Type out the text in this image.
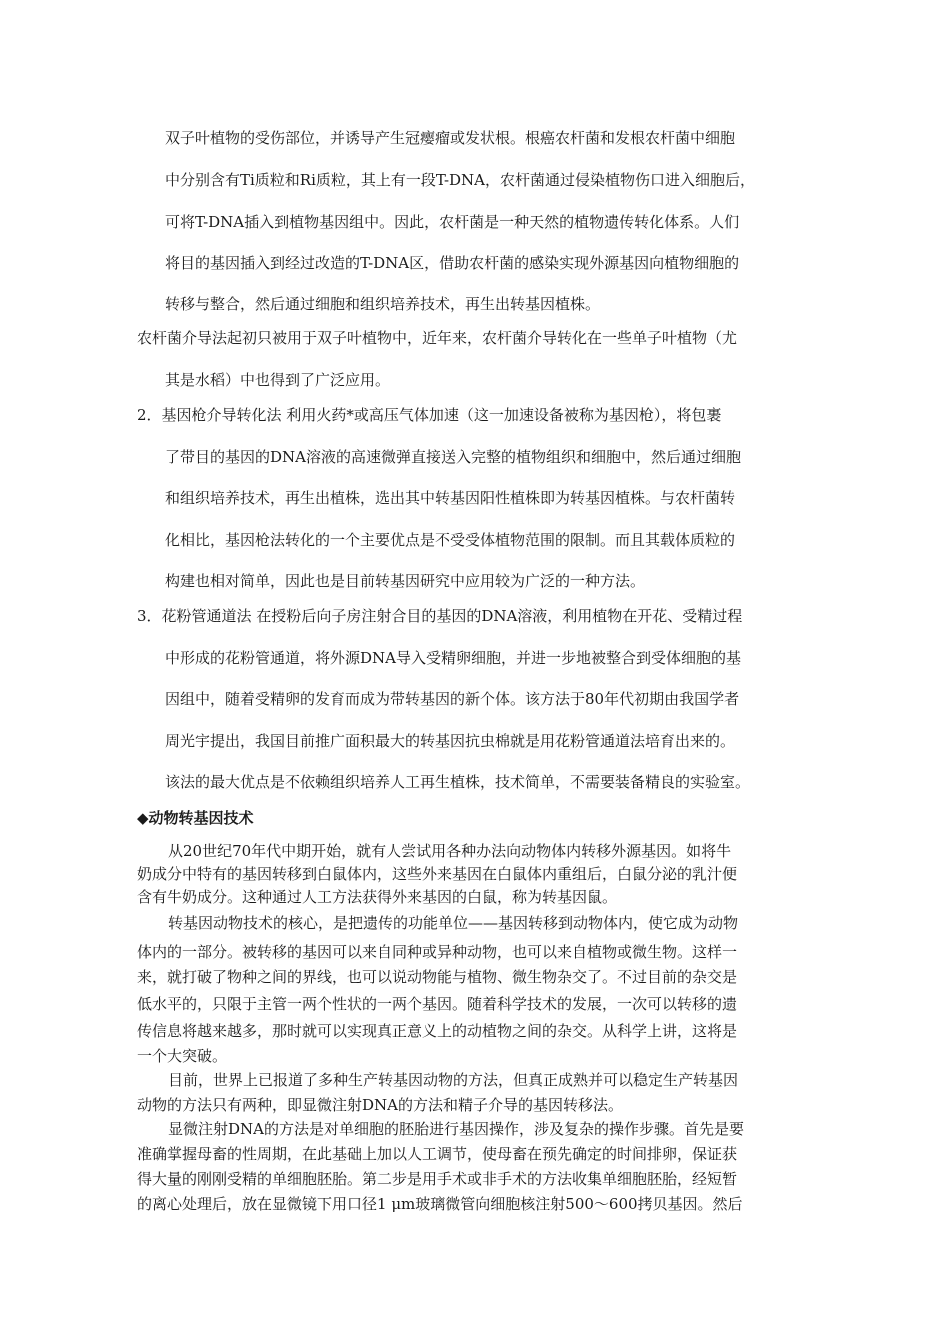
双子叶植物的受伤部位，并诱导产生冠瘿瘤或发状根。根癌农杆菌和发根农杆菌中细胞
中分别含有Ti质粒和Ri质粒，其上有一段T-DNA，农杆菌通过侵染植物伤口进入细胞后，
可将T-DNA插入到植物基因组中。因此，农杆菌是一种天然的植物遗传转化体系。人们
将目的基因插入到经过改造的T-DNA区，借助农杆菌的感染实现外源基因向植物细胞的
转移与整合，然后通过细胞和组织培养技术，再生出转基因植株。
农杆菌介导法起初只被用于双子叶植物中，近年来，农杆菌介导转化在一些单子叶植物（尤
其是水稻）中也得到了广泛应用。
2．基因枪介导转化法 利用火药*或高压气体加速（这一加速设备被称为基因枪），将包裹
了带目的基因的DNA溶液的高速微弹直接送入完整的植物组织和细胞中，然后通过细胞
和组织培养技术，再生出植株，选出其中转基因阳性植株即为转基因植株。与农杆菌转
化相比，基因枪法转化的一个主要优点是不受受体植物范围的限制。而且其载体质粒的
构建也相对简单，因此也是目前转基因研究中应用较为广泛的一种方法。
3．花粉管通道法 在授粉后向子房注射合目的基因的DNA溶液，利用植物在开花、受精过程
中形成的花粉管通道，将外源DNA导入受精卵细胞，并进一步地被整合到受体细胞的基
因组中，随着受精卵的发育而成为带转基因的新个体。该方法于80年代初期由我国学者
周光宇提出，我国目前推广面积最大的转基因抗虫棉就是用花粉管通道法培育出来的。
该法的最大优点是不依赖组织培养人工再生植株，技术简单，不需要装备精良的实验室。
◆动物转基因技术
从20世纪70年代中期开始，就有人尝试用各种办法向动物体内转移外源基因。如将牛
奶成分中特有的基因转移到白鼠体内，这些外来基因在白鼠体内重组后，白鼠分泌的乳汁便
含有牛奶成分。这种通过人工方法获得外来基因的白鼠，称为转基因鼠。
转基因动物技术的核心，是把遗传的功能单位——基因转移到动物体内，使它成为动物
体内的一部分。被转移的基因可以来自同种或异种动物，也可以来自植物或微生物。这样一
来，就打破了物种之间的界线，也可以说动物能与植物、微生物杂交了。不过目前的杂交是
低水平的，只限于主管一两个性状的一两个基因。随着科学技术的发展，一次可以转移的遗
传信息将越来越多，那时就可以实现真正意义上的动植物之间的杂交。从科学上讲，这将是
一个大突破。
目前，世界上已报道了多种生产转基因动物的方法，但真正成熟并可以稳定生产转基因
动物的方法只有两种，即显微注射DNA的方法和精子介导的基因转移法。
显微注射DNA的方法是对单细胞的胚胎进行基因操作，涉及复杂的操作步骤。首先是要
准确掌握母畜的性周期，在此基础上加以人工调节，使母畜在预先确定的时间排卵，保证获
得大量的刚刚受精的单细胞胚胎。第二步是用手术或非手术的方法收集单细胞胚胎，经短暂
的离心处理后，放在显微镜下用口径1 μm玻璃微管向细胞核注射500～600拷贝基因。然后
